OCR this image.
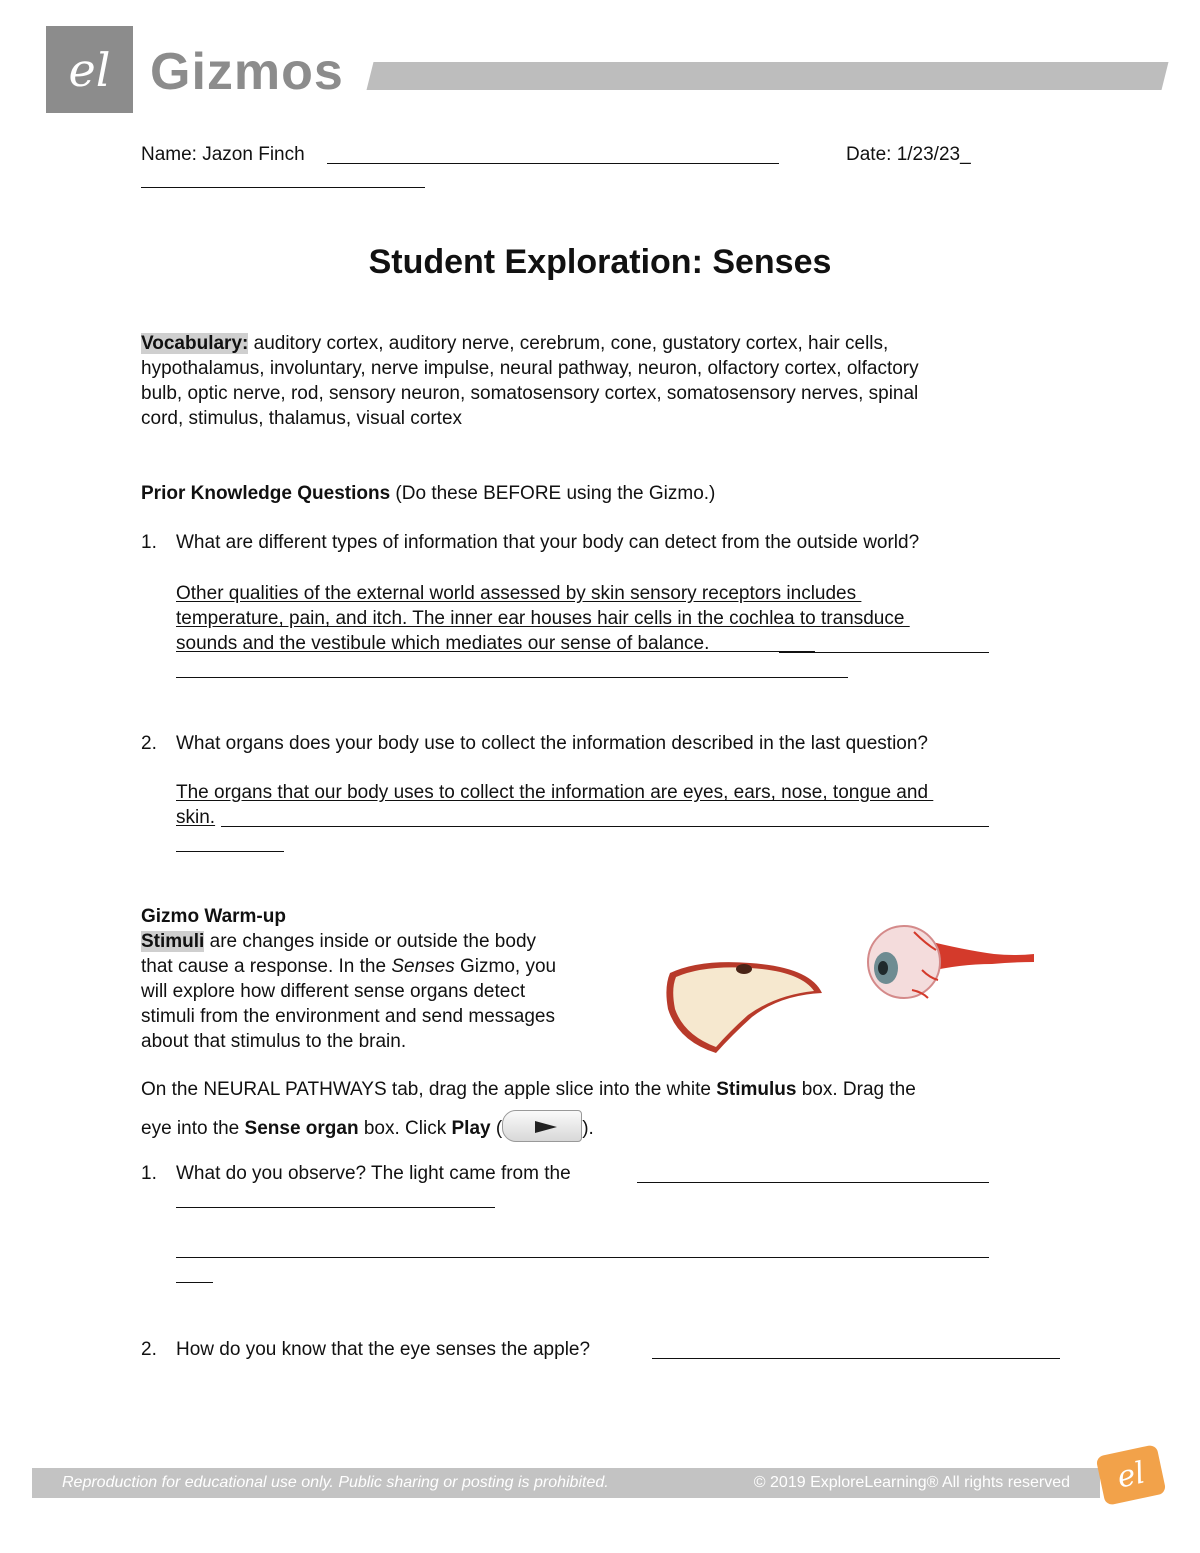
el Gizmos
Name: Jazon Finch	Date: 1/23/23_
Student Exploration: Senses
Vocabulary: auditory cortex, auditory nerve, cerebrum, cone, gustatory cortex, hair cells,
hypothalamus, involuntary, nerve impulse, neural pathway, neuron, olfactory cortex, olfactory
bulb, optic nerve, rod, sensory neuron, somatosensory cortex, somatosensory nerves, spinal
cord, stimulus, thalamus, visual cortex
Prior Knowledge Questions (Do these BEFORE using the Gizmo.)
1. What are different types of information that your body can detect from the outside world?
Other qualities of the external world assessed by skin sensory receptors includes
temperature, pain, and itch. The inner ear houses hair cells in the cochlea to transduce
sounds and the vestibule which mediates our sense of balance.
2. What organs does your body use to collect the information described in the last question?
The organs that our body uses to collect the information are eyes, ears, nose, tongue and
skin.
Gizmo Warm-up
Stimuli are changes inside or outside the body
that cause a response. In the Senses Gizmo, you
will explore how different sense organs detect
stimuli from the environment and send messages
about that stimulus to the brain.
On the NEURAL PATHWAYS tab, drag the apple slice into the white Stimulus box. Drag the
eye into the Sense organ box. Click Play (	).
1. What do you observe? The light came from the
2. How do you know that the eye senses the apple?
Reproduction for educational use only. Public sharing or posting is prohibited.	© 2019 ExploreLearning® All rights reserved el
